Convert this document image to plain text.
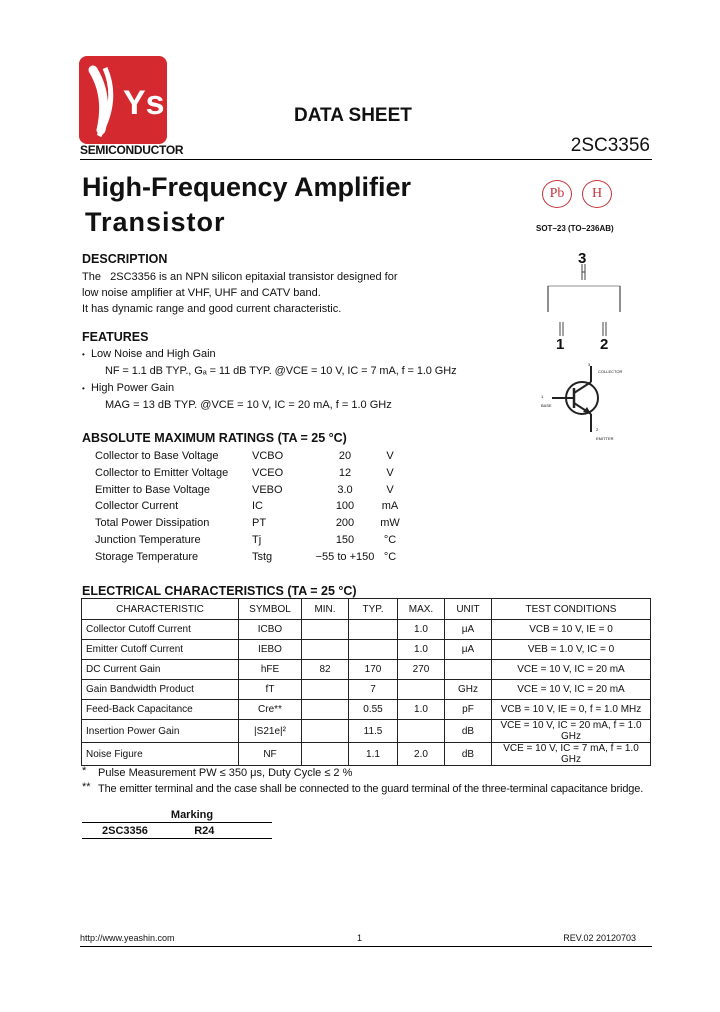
Ys
SEMICONDUCTOR
DATA SHEET
2SC3356
High-Frequency Amplifier
Transistor
Pb	H
SOT–23 (TO–236AB)
3
1 2
3
COLLECTOR
1
BASE
2
EMITTER
DESCRIPTION
The   2SC3356 is an NPN silicon epitaxial transistor designed for
low noise amplifier at VHF, UHF and CATV band.
It has dynamic range and good current characteristic.
FEATURES
• Low Noise and High Gain
NF = 1.1 dB TYP., Gₐ = 11 dB TYP. @VCE = 10 V, IC = 7 mA, f = 1.0 GHz
• High Power Gain
MAG = 13 dB TYP. @VCE = 10 V, IC = 20 mA, f = 1.0 GHz
ABSOLUTE MAXIMUM RATINGS (TA = 25 °C)
Collector to Base Voltage	VCBO	20	V
Collector to Emitter Voltage	VCEO	12	V
Emitter to Base Voltage	VEBO	3.0	V
Collector Current	IC	100	mA
Total Power Dissipation	PT	200	mW
Junction Temperature	Tj	150	°C
Storage Temperature	Tstg	−55 to +150 °C
ELECTRICAL CHARACTERISTICS (TA = 25 °C)
CHARACTERISTIC	SYMBOL	MIN.	TYP.	MAX.	UNIT	TEST CONDITIONS
Collector Cutoff Current	ICBO			1.0	μA	VCB = 10 V, IE = 0
Emitter Cutoff Current	IEBO			1.0	μA	VEB = 1.0 V, IC = 0
DC Current Gain	hFE	82	170	270		VCE = 10 V, IC = 20 mA
Gain Bandwidth Product	fT		7		GHz	VCE = 10 V, IC = 20 mA
Feed-Back Capacitance	Cre**		0.55	1.0	pF	VCB = 10 V, IE = 0, f = 1.0 MHz
Insertion Power Gain	|S21e|²		11.5		dB	VCE = 10 V, IC = 20 mA, f = 1.0 GHz
Noise Figure	NF		1.1	2.0	dB	VCE = 10 V, IC = 7 mA, f = 1.0 GHz
* Pulse Measurement PW ≤ 350 μs, Duty Cycle ≤ 2 %
** The emitter terminal and the case shall be connected to the guard terminal of the three-terminal capacitance bridge.
Marking
2SC3356	R24
http://www.yeashin.com	1	REV.02 20120703
